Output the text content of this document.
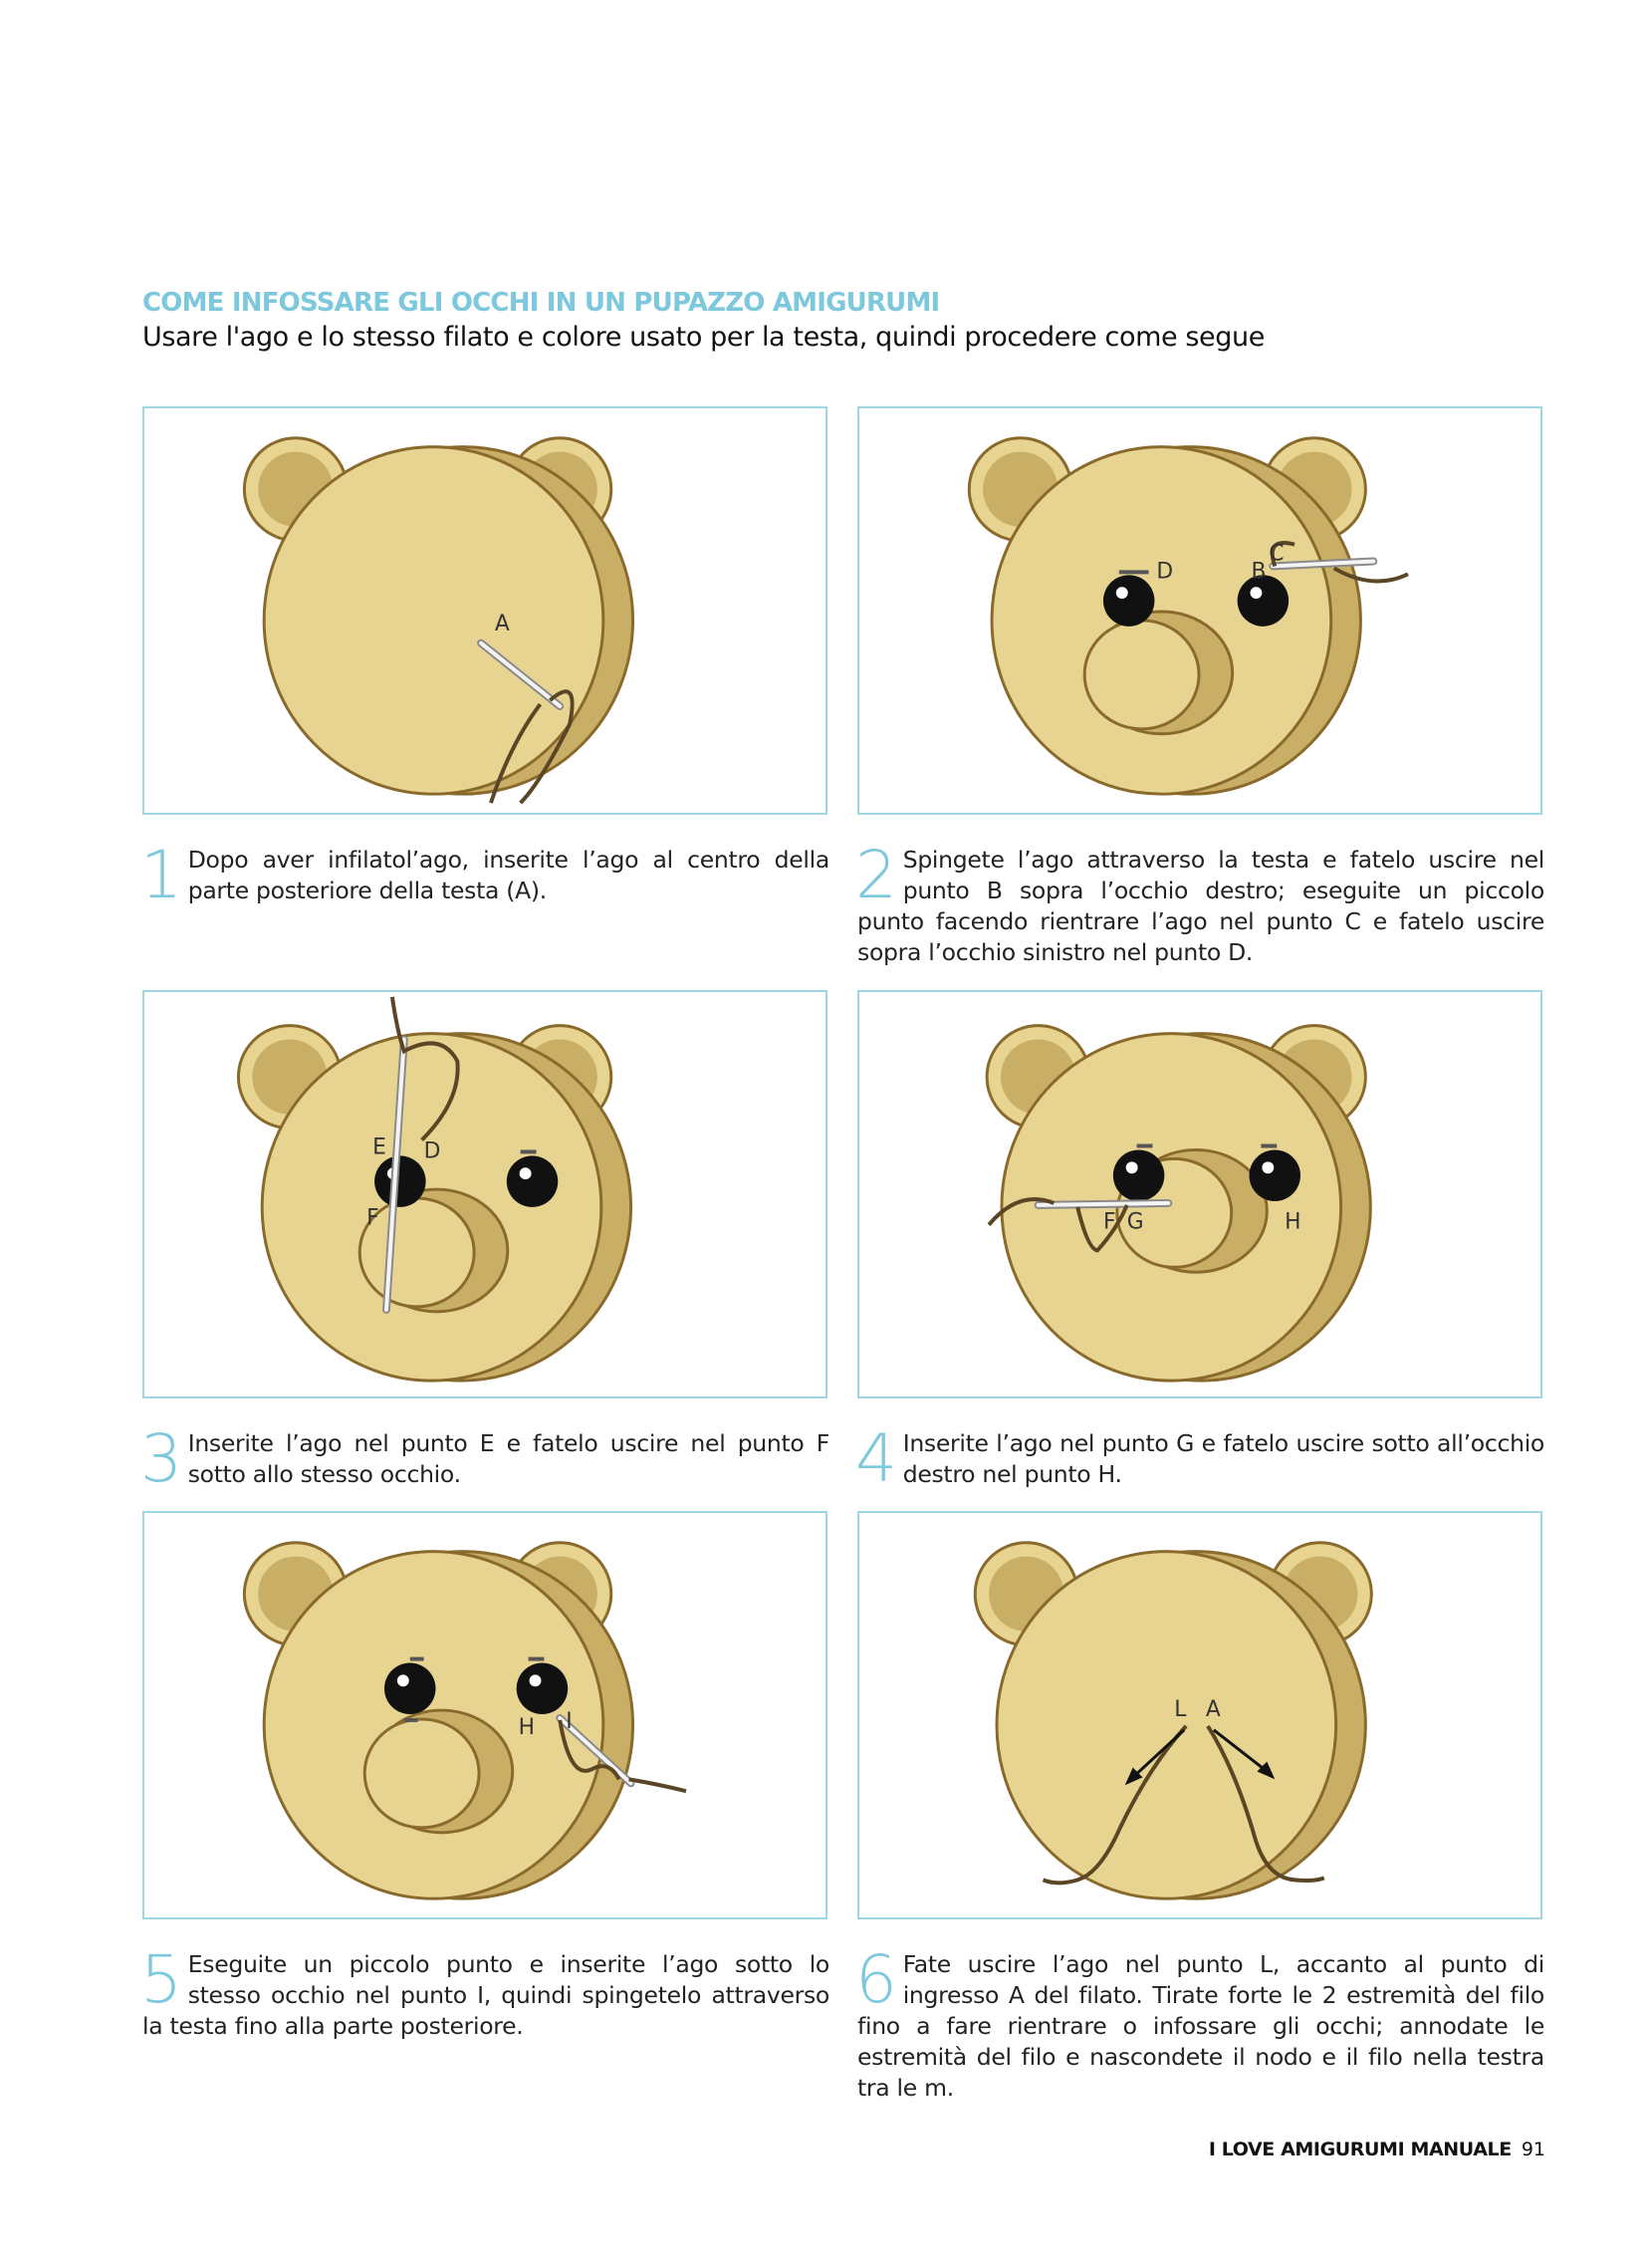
COME INFOSSARE GLI OCCHI IN UN PUPAZZO AMIGURUMI

Usare l'ago e lo stesso filato e colore usato per la testa, quindi procedere come segue

A
1 Dopo aver infilatol’ago, inserite l’ago al centro della parte posteriore della testa (A).
D	B
C
2 Spingete l’ago attraverso la testa e fatelo uscire nel punto B sopra l’occhio destro; eseguite un piccolo punto facendo rientrare l’ago nel punto C e fatelo uscire sopra l’occhio sinistro nel punto D.
E D
F
3 Inserite l’ago nel punto E e fatelo uscire nel punto F sotto allo stesso occhio.
F G	H
4 Inserite l’ago nel punto G e fatelo uscire sotto all’occhio destro nel punto H.
H I
5 Eseguite un piccolo punto e inserite l’ago sotto lo stesso occhio nel punto I, quindi spingetelo attraverso la testa fino alla parte posteriore.
L A
6 Fate uscire l’ago nel punto L, accanto al punto di ingresso A del filato. Tirate forte le 2 estremità del filo fino a fare rientrare o infossare gli occhi; annodate le estremità del filo e nascondete il nodo e il filo nella testra tra le m.
I LOVE AMIGURUMI MANUALE 91
